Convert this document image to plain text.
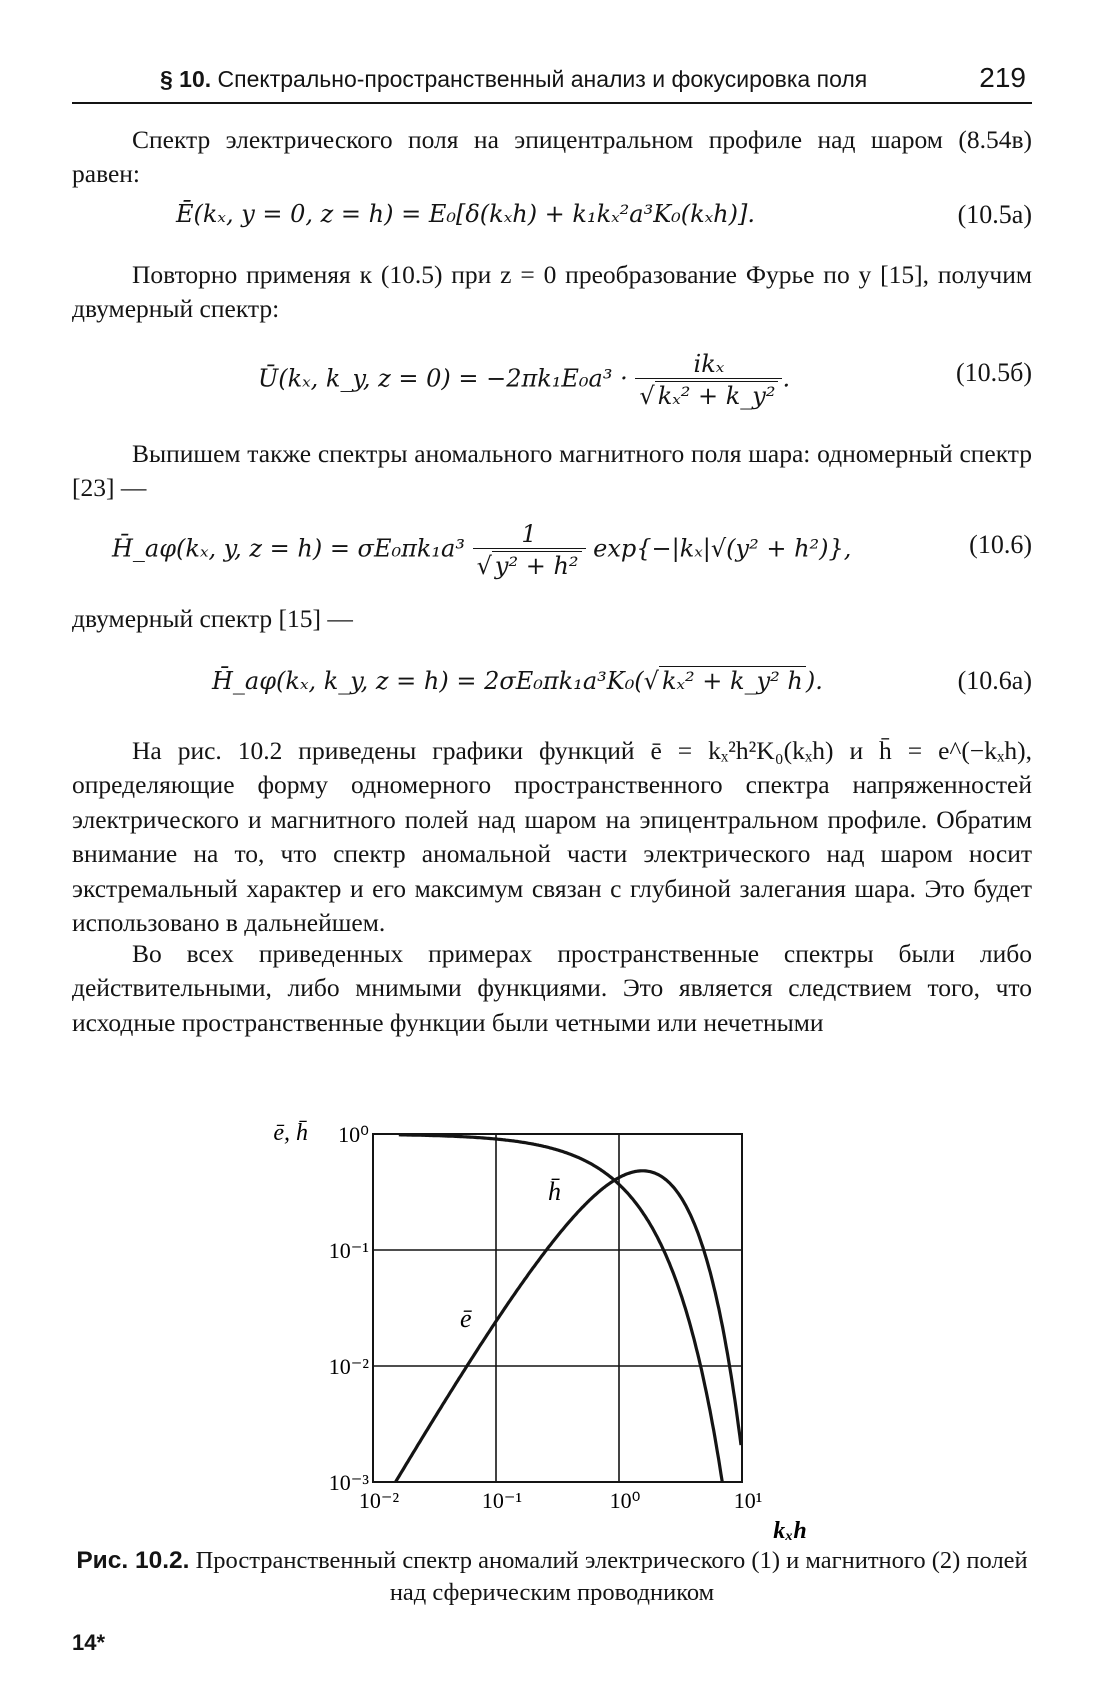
§ 10. Спектрально-пространственный анализ и фокусировка поля	219
Спектр электрического поля на эпицентральном профиле над шаром (8.54в) равен:
Ē(kₓ, y = 0, z = h) = E₀[δ(kₓh) + k₁kₓ²a³K₀(kₓh)].	(10.5а)
Повторно применяя к (10.5) при z = 0 преобразование Фурье по y [15], получим двумерный спектр:
Ū(kₓ, k_y, $z = 0) = -2\pi k_1E_0a^3 \cdot \frac{\text{ikₓ}}{\text{√ kₓ² + k\_y²}}$ .	(10.5б)
Выпишем также спектры аномального магнитного поля шара: одномерный спектр [23] —
H̄_aφ(kₓ, y, $z = h) = \sigma E_0\pi k_1a^3 \frac{1}{\text{√ y² + h²}} \exp\{-|k_x|√(y^2 + h^2)\}$,	(10.6)
двумерный спектр [15] —
H̄_aφ(kₓ, k_y, z = h) = 2σE₀πk₁a³K₀(√ kₓ² + k_y² h ).	(10.6а)
На рис. 10.2 приведены графики функций ē = kₓ²h²K₀(kₓh) и h̄ = e^(−kₓh), определяющие форму одномерного пространственного спектра напряженностей электрического и магнитного полей над шаром на эпицентральном профиле. Обратим внимание на то, что спектр аномальной части электрического над шаром носит экстремальный характер и его максимум связан с глубиной залегания шара. Это будет использовано в дальнейшем.
Во всех приведенных примерах пространственные спектры были либо действительными, либо мнимыми функциями. Это является следствием того, что исходные пространственные функции были четными или нечетными
h̄
ē
10⁻²	10⁻¹	10⁰	10¹
10⁻³
10⁻²
10⁻¹
10⁰
kₓh
ē, h̄
Рис. 10.2. Пространственный спектр аномалий электрического (1) и магнитного (2) полей над сферическим проводником
14*
